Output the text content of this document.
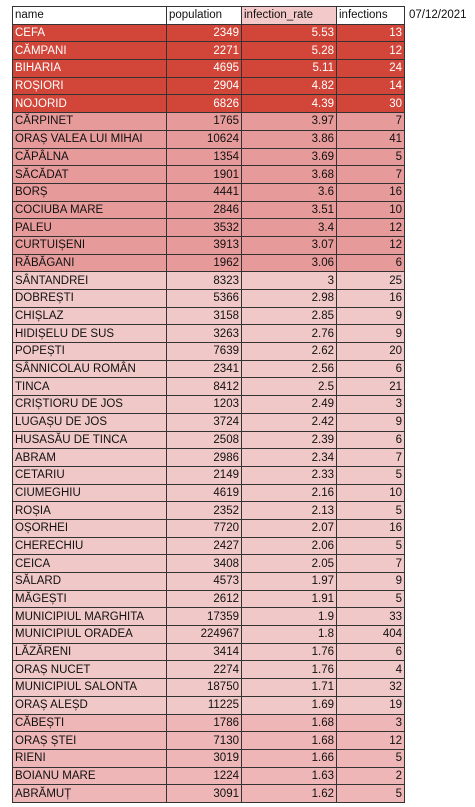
name	population	infection_rate	infections
CEFA	2349	5.53	13
CĂMPANI	2271	5.28	12
BIHARIA	4695	5.11	24
ROȘIORI	2904	4.82	14
NOJORID	6826	4.39	30
CĂRPINET	1765	3.97	7
ORAȘ VALEA LUI MIHAI	10624	3.86	41
CĂPÂLNA	1354	3.69	5
SĂCĂDAT	1901	3.68	7
BORȘ	4441	3.6	16
COCIUBA MARE	2846	3.51	10
PALEU	3532	3.4	12
CURTUIȘENI	3913	3.07	12
RĂBĂGANI	1962	3.06	6
SÂNTANDREI	8323	3	25
DOBREȘTI	5366	2.98	16
CHIȘLAZ	3158	2.85	9
HIDIȘELU DE SUS	3263	2.76	9
POPEȘTI	7639	2.62	20
SÂNNICOLAU ROMÂN	2341	2.56	6
TINCA	8412	2.5	21
CRIȘTIORU DE JOS	1203	2.49	3
LUGAȘU DE JOS	3724	2.42	9
HUSASĂU DE TINCA	2508	2.39	6
ABRAM	2986	2.34	7
CETARIU	2149	2.33	5
CIUMEGHIU	4619	2.16	10
ROȘIA	2352	2.13	5
OȘORHEI	7720	2.07	16
CHERECHIU	2427	2.06	5
CEICA	3408	2.05	7
SĂLARD	4573	1.97	9
MĂGEȘTI	2612	1.91	5
MUNICIPIUL MARGHITA	17359	1.9	33
MUNICIPIUL ORADEA	224967	1.8	404
LĂZĂRENI	3414	1.76	6
ORAȘ NUCET	2274	1.76	4
MUNICIPIUL SALONTA	18750	1.71	32
ORAȘ ALEȘD	11225	1.69	19
CĂBEȘTI	1786	1.68	3
ORAȘ ȘTEI	7130	1.68	12
RIENI	3019	1.66	5
BOIANU MARE	1224	1.63	2
ABRĂMUȚ	3091	1.62	5
07/12/2021
